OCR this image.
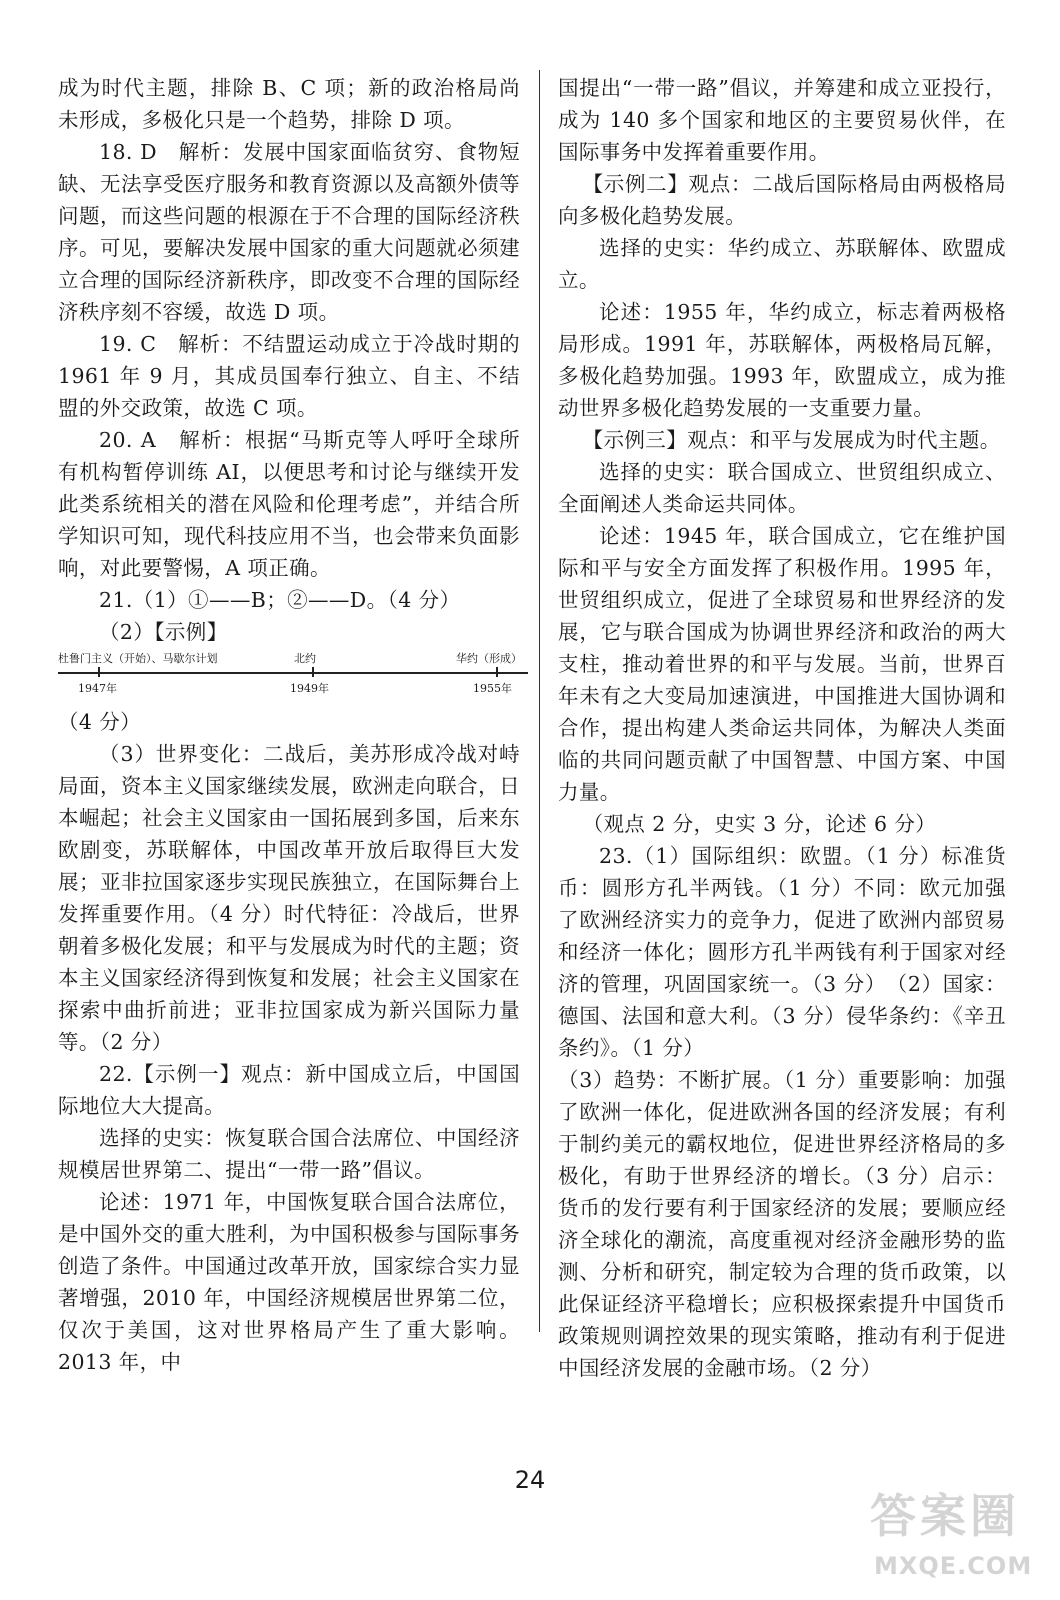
成为时代主题，排除 B、C 项；新的政治格局尚未形成，多极化只是一个趋势，排除 D 项。

18. D　解析：发展中国家面临贫穷、食物短缺、无法享受医疗服务和教育资源以及高额外债等问题，而这些问题的根源在于不合理的国际经济秩序。可见，要解决发展中国家的重大问题就必须建立合理的国际经济新秩序，即改变不合理的国际经济秩序刻不容缓，故选 D 项。

19. C　解析：不结盟运动成立于冷战时期的 1961 年 9 月，其成员国奉行独立、自主、不结盟的外交政策，故选 C 项。

20. A　解析：根据“马斯克等人呼吁全球所有机构暂停训练 AI，以便思考和讨论与继续开发此类系统相关的潜在风险和伦理考虑”，并结合所学知识可知，现代科技应用不当，也会带来负面影响，对此要警惕，A 项正确。

21.（1）①——B；②——D。（4 分）

（2）【示例】

杜鲁门主义（开始）、马歇尔计划	北约	华约（形成）
1947年	1949年	1955年

（4 分）

（3）世界变化：二战后，美苏形成冷战对峙局面，资本主义国家继续发展，欧洲走向联合，日本崛起；社会主义国家由一国拓展到多国，后来东欧剧变，苏联解体，中国改革开放后取得巨大发展；亚非拉国家逐步实现民族独立，在国际舞台上发挥重要作用。（4 分）时代特征：冷战后，世界朝着多极化发展；和平与发展成为时代的主题；资本主义国家经济得到恢复和发展；社会主义国家在探索中曲折前进；亚非拉国家成为新兴国际力量等。（2 分）

22.【示例一】观点：新中国成立后，中国国际地位大大提高。

选择的史实：恢复联合国合法席位、中国经济规模居世界第二、提出“一带一路”倡议。

论述：1971 年，中国恢复联合国合法席位，是中国外交的重大胜利，为中国积极参与国际事务创造了条件。中国通过改革开放，国家综合实力显著增强，2010 年，中国经济规模居世界第二位，仅次于美国，这对世界格局产生了重大影响。2013 年，中

国提出“一带一路”倡议，并筹建和成立亚投行，成为 140 多个国家和地区的主要贸易伙伴，在国际事务中发挥着重要作用。

【示例二】观点：二战后国际格局由两极格局向多极化趋势发展。

选择的史实：华约成立、苏联解体、欧盟成立。

论述：1955 年，华约成立，标志着两极格局形成。1991 年，苏联解体，两极格局瓦解，多极化趋势加强。1993 年，欧盟成立，成为推动世界多极化趋势发展的一支重要力量。

【示例三】观点：和平与发展成为时代主题。

选择的史实：联合国成立、世贸组织成立、全面阐述人类命运共同体。

论述：1945 年，联合国成立，它在维护国际和平与安全方面发挥了积极作用。1995 年，世贸组织成立，促进了全球贸易和世界经济的发展，它与联合国成为协调世界经济和政治的两大支柱，推动着世界的和平与发展。当前，世界百年未有之大变局加速演进，中国推进大国协调和合作，提出构建人类命运共同体，为解决人类面临的共同问题贡献了中国智慧、中国方案、中国力量。

（观点 2 分，史实 3 分，论述 6 分）

23.（1）国际组织：欧盟。（1 分）标准货币：圆形方孔半两钱。（1 分）不同：欧元加强了欧洲经济实力的竞争力，促进了欧洲内部贸易和经济一体化；圆形方孔半两钱有利于国家对经济的管理，巩固国家统一。（3 分）　（2）国家：德国、法国和意大利。（3 分）侵华条约：《辛丑条约》。（1 分）

（3）趋势：不断扩展。（1 分）重要影响：加强了欧洲一体化，促进欧洲各国的经济发展；有利于制约美元的霸权地位，促进世界经济格局的多极化，有助于世界经济的增长。（3 分）启示：货币的发行要有利于国家经济的发展；要顺应经济全球化的潮流，高度重视对经济金融形势的监测、分析和研究，制定较为合理的货币政策，以此保证经济平稳增长；应积极探索提升中国货币政策规则调控效果的现实策略，推动有利于促进中国经济发展的金融市场。（2 分）

24
答案圈
MXQE.COM
